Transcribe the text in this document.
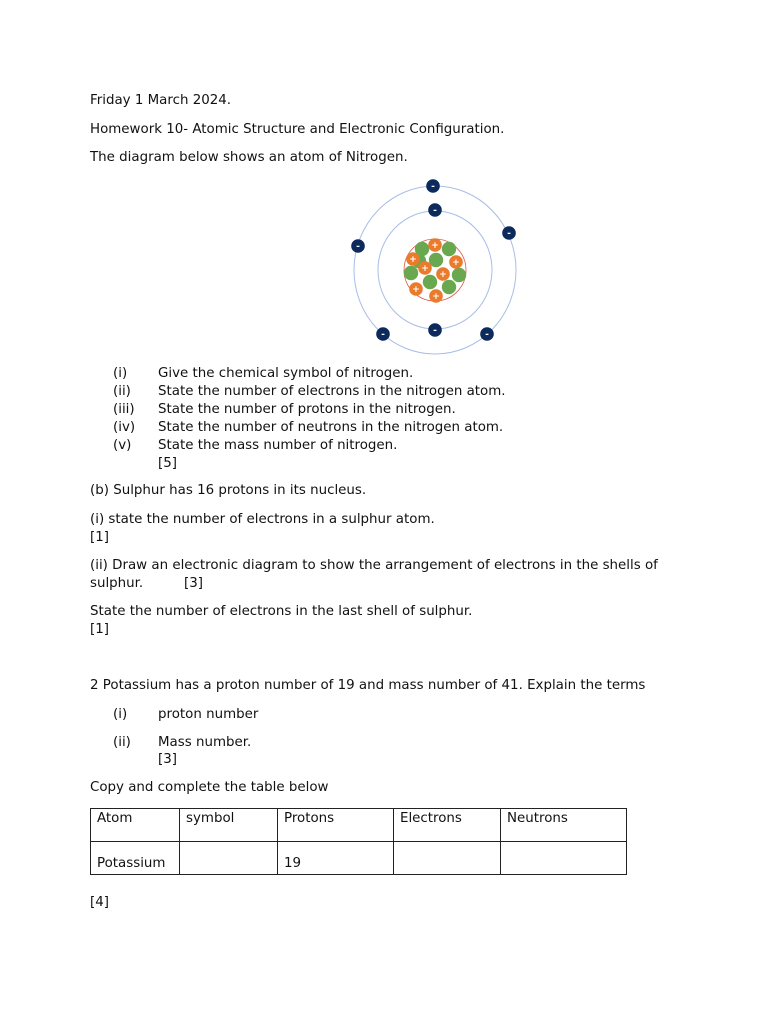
Friday 1 March 2024.
Homework 10- Atomic Structure and Electronic Configuration.
The diagram below shows an atom of Nitrogen.
+
+
+
+
+
+
+
-
-
-
-
-	-	-
(i) Give the chemical symbol of nitrogen.
(ii) State the number of electrons in the nitrogen atom.
(iii) State the number of protons in the nitrogen.
(iv) State the number of neutrons in the nitrogen atom.
(v) State the mass number of nitrogen.
[5]
(b) Sulphur has 16 protons in its nucleus.
(i) state the number of electrons in a sulphur atom.
[1]
(ii) Draw an electronic diagram to show the arrangement of electrons in the shells of
sulphur.	[3]
State the number of electrons in the last shell of sulphur.
[1]
2 Potassium has a proton number of 19 and mass number of 41. Explain the terms
(i) proton number
(ii) Mass number.
[3]
Copy and complete the table below
Atom	symbol	Protons	Electrons	Neutrons
Potassium		19		
[4]
